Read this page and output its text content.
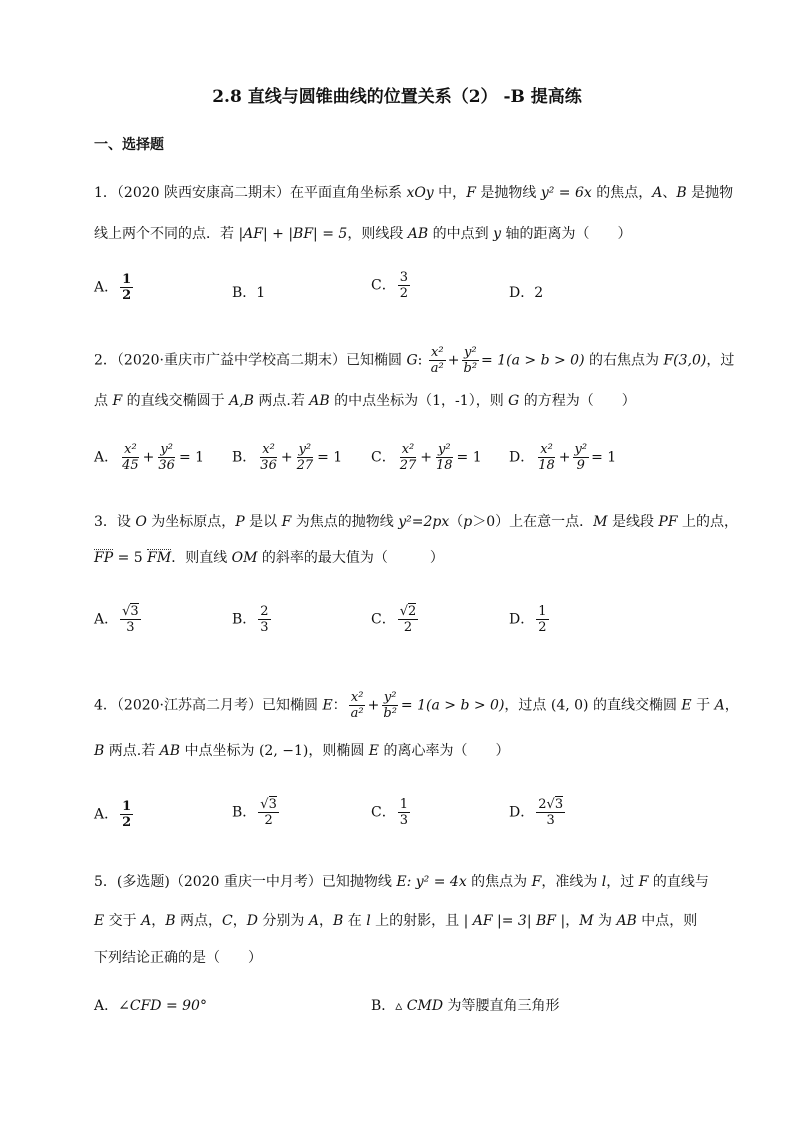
2.8 直线与圆锥曲线的位置关系（2） -B 提高练
一、选择题
1．（2020 陕西安康高二期末）在平面直角坐标系 xOy 中，F 是抛物线 y² = 6x 的焦点，A、B 是抛物
线上两个不同的点．若 |AF| + |BF| = 5，则线段 AB 的中点到 y 轴的距离为（　　）
A． $\frac{1}{2}$	B．1	C． $\frac{3}{2}$	D．2
2．（2020·重庆市广益中学校高二期末）已知椭圆 G: $\frac{\text{x²}}{\text{a²}} + \frac{\text{y²}}{\text{b²}} = 1(a > b > 0)$ 的右焦点为 F(3,0)，过
点 F 的直线交椭圆于 A,B 两点.若 AB 的中点坐标为（1，-1），则 G 的方程为（　　）
A． $\frac{\text{x²}}{45} + \frac{\text{y²}}{36} = 1$ B． $\frac{\text{x²}}{36} + \frac{\text{y²}}{27} = 1$ C． $\frac{\text{x²}}{27} + \frac{\text{y²}}{18} = 1$ D． $\frac{\text{x²}}{18} + \frac{\text{y²}}{9} = 1$
3．设 O 为坐标原点，P 是以 F 为焦点的抛物线 y²=2px（p＞0）上在意一点．M 是线段 PF 上的点，
FP = 5 FM．则直线 OM 的斜率的最大值为（　　　）
A． $\frac{√3}{3}$	B． $\frac{2}{3}$	C． $\frac{√2}{2}$	D． $\frac{1}{2}$
4．（2020·江苏高二月考）已知椭圆 E： $\frac{\text{x²}}{\text{a²}} + \frac{\text{y²}}{\text{b²}} = 1(a > b > 0)$，过点 (4, 0) 的直线交椭圆 E 于 A，
B 两点.若 AB 中点坐标为 (2, −1)，则椭圆 E 的离心率为（　　）
A． $\frac{1}{2}$	B． $\frac{√3}{2}$	C． $\frac{1}{3}$	D． $\frac{2√3}{3}$
5．(多选题)（2020 重庆一中月考）已知抛物线 E: y² = 4x 的焦点为 F，准线为 l，过 F 的直线与
E 交于 A，B 两点，C，D 分别为 A，B 在 l 上的射影，且 | AF |= 3| BF |，M 为 AB 中点，则
下列结论正确的是（　　）
A．∠CFD = 90°	B．▵ CMD 为等腰直角三角形
